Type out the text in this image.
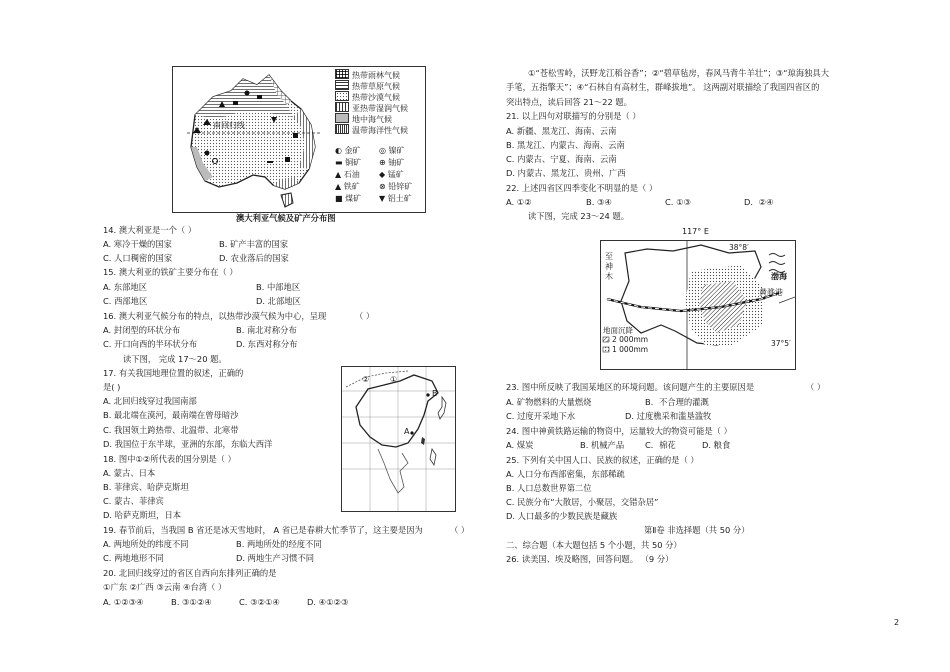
南回归线
热带雨林气候
热带草原气候
热带沙漠气候
亚热带湿润气候
地中海气候
温带海洋性气候
◐ 金矿 ◎ 镍矿
▬ 铜矿 ⊕ 铀矿
▲ 石油 ◆ 锰矿
▲ 铁矿 ⊗ 铅锌矿
■ 煤矿 ▼ 铝土矿
澳大利亚气候及矿产分布图
①
②
A
B
117° E
38°8′
37°5′
至
神
木	渤海
黄骅港
地面沉降
2 000mm
1 000mm
14. 澳大利亚是一个（ ）
A. 寒冷干燥的国家	B. 矿产丰富的国家
C. 人口稠密的国家	D. 农业落后的国家
15. 澳大利亚的铁矿主要分布在（ ）
A. 东部地区	B. 中部地区
C. 西部地区	D. 北部地区
16. 澳大利亚气候分布的特点，以热带沙漠气候为中心，呈现	（ ）
A. 封闭型的环状分布	B. 南北对称分布
C. 开口向西的半环状分布	D. 东西对称分布
读下图， 完成 17～20 题。
17. 有关我国地理位置的叙述，正确的
是( )
A. 北回归线穿过我国南部
B. 最北端在漠河，最南端在曾母暗沙
C. 我国领土跨热带、北温带、北寒带
D. 我国位于东半球，亚洲的东部，东临大西洋
18. 图中①②所代表的国分别是（ ）
A. 蒙古、日本
B. 菲律宾、哈萨克斯坦
C. 蒙古、菲律宾
D. 哈萨克斯坦，日本
19. 春节前后，当我国 B 省还是冰天雪地时， A 省已是春耕大忙季节了，这主要是因为	（ ）
A. 两地所处的纬度不同	B. 两地所处的经度不同
C. 两地地形不同	D. 两地生产习惯不同
20. 北回归线穿过的省区自西向东排列正确的是
①广东 ②广西 ③云南 ④台湾（ ）
A. ①②③④	B. ③①②④	C. ③②①④	D. ④①②③
①“苍松雪岭，沃野龙江稻谷香”；②“碧草毡房，春风马背牛羊壮”；③“琼海独具大
手笔，五指擎天”；④“石林自有高材生，群峰拔地”。 这两副对联描绘了我国四省区的
突出特点，读后回答 21～22 题。
21. 以上四句对联描写的分别是（ ）
A. 新疆、黑龙江、海南、云南
B. 黑龙江、内蒙古、海南、云南
C. 内蒙古、宁夏、海南、云南
D. 内蒙古、黑龙江、贵州、广西
22. 上述四省区四季变化不明显的是（ ）
A. ①②	B. ③④	C. ①③	D．②④
读下图，完成 23～24 题。
23. 图中所反映了我国某地区的环境问题。该问题产生的主要原因是	（ ）
A. 矿物燃料的大量燃烧	B．不合理的灌溉
C. 过度开采地下水	D. 过度樵采和滥垦滥牧
24. 图中神黄铁路运输的物资中，运量较大的物资可能是（ ）
A. 煤炭	B. 机械产品	C．棉花	D. 粮食
25. 下列有关中国人口、民族的叙述，正确的是（ ）
A. 人口分布西部密集，东部稀疏
B. 人口总数世界第二位
C. 民族分布“大散居，小聚居，交错杂居”
D. 人口最多的少数民族是藏族
第Ⅱ卷 非选择题（共 50 分）
二、综合题（本大题包括 5 个小题，共 50 分）
26. 读美国、埃及略图，回答问题。 （9 分）
2
